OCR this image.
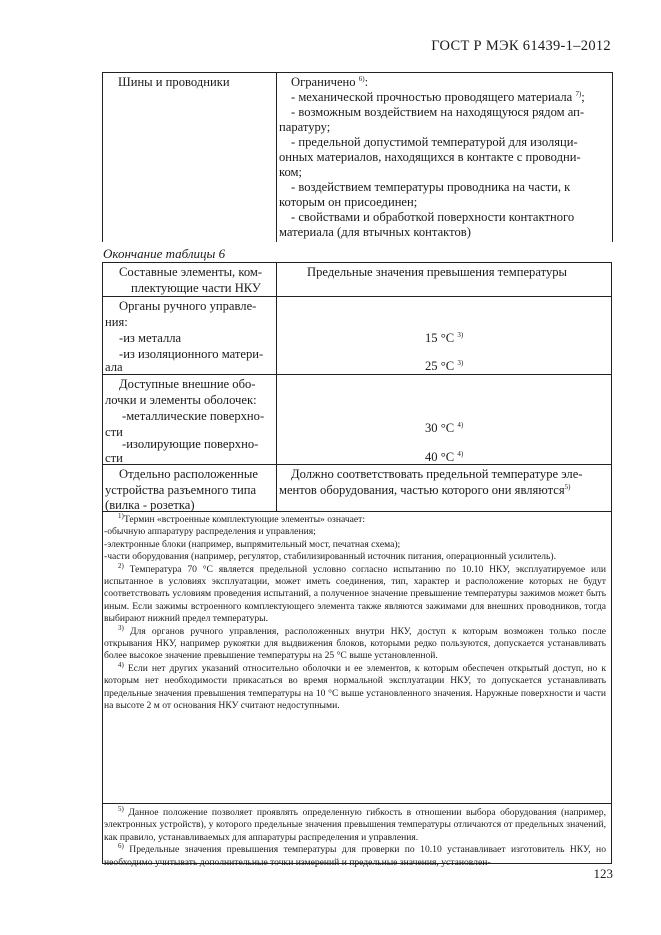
ГОСТ Р МЭК 61439-1–2012
Шины и проводники	Ограничено $^{6)}$:
- механической прочностью проводящего материала $^{7)}$;
- возможным воздействием на находящуюся рядом ап-
паратуру;
- предельной допустимой температурой для изоляци-
онных материалов, находящихся в контакте с проводни-
ком;
- воздействием температуры проводника на части, к
которым он присоединен;
- свойствами и обработкой поверхности контактного
материала (для втычных контактов)
Окончание таблицы 6
Составные элементы, ком-
плектующие части НКУ
Предельные значения превышения температуры
Органы ручного управле-
ния:
-из металла
-из изоляционного матери-
ала
15 °С $^{3)}$
25 °С $^{3)}$
Доступные внешние обо-
лочки и элементы оболочек:
-металлические поверхно-
сти
-изолирующие поверхно-
сти
30 °С $^{4)}$
40 °С $^{4)}$
Отдельно расположенные
устройства разъемного типа
(вилка - розетка)
Должно соответствовать предельной температуре эле-
ментов оборудования, частью которого они являются$^{5)}$

$^{1)}$Термин «встроенные комплектующие элементы» означает:

-обычную аппаратуру распределения и управления;

-электронные блоки (например, выпрямительный мост, печатная схема);

-части оборудования (например, регулятор, стабилизированный источник питания, операционный усилитель).

$^{2)}$ Температура 70 °С является предельной условно согласно испытанию по 10.10 НКУ, эксплуатируемое или испытанное в условиях эксплуатации, может иметь соединения, тип, характер и расположение которых не будут соответствовать условиям проведения испытаний, а полученное значение превышение температуры зажимов может быть иным. Если зажимы встроенного комплектующего элемента также являются зажимами для внешних проводников, тогда выбирают нижний предел температуры.

$^{3)}$ Для органов ручного управления, расположенных внутри НКУ, доступ к которым возможен только после открывания НКУ, например рукоятки для выдвижения блоков, которыми редко пользуются, допускается устанавливать более высокое значение превышение температуры на 25 °С выше установленной.

$^{4)}$ Если нет других указаний относительно оболочки и ее элементов, к которым обеспечен открытый доступ, но к которым нет необходимости прикасаться во время нормальной эксплуатации НКУ, то допускается устанавливать предельные значения превышения температуры на 10 °С выше установленного значения. Наружные поверхности и части на высоте 2 м от основания НКУ считают недоступными.

$^{5)}$ Данное положение позволяет проявлять определенную гибкость в отношении выбора оборудования (например, электронных устройств), у которого предельные значения превышения температуры отличаются от предельных значений, как правило, устанавливаемых для аппаратуры распределения и управления.

$^{6)}$ Предельные значения превышения температуры для проверки по 10.10 устанавливает изготовитель НКУ, но необходимо учитывать дополнительные точки измерений и предельные значения, установлен-

123
